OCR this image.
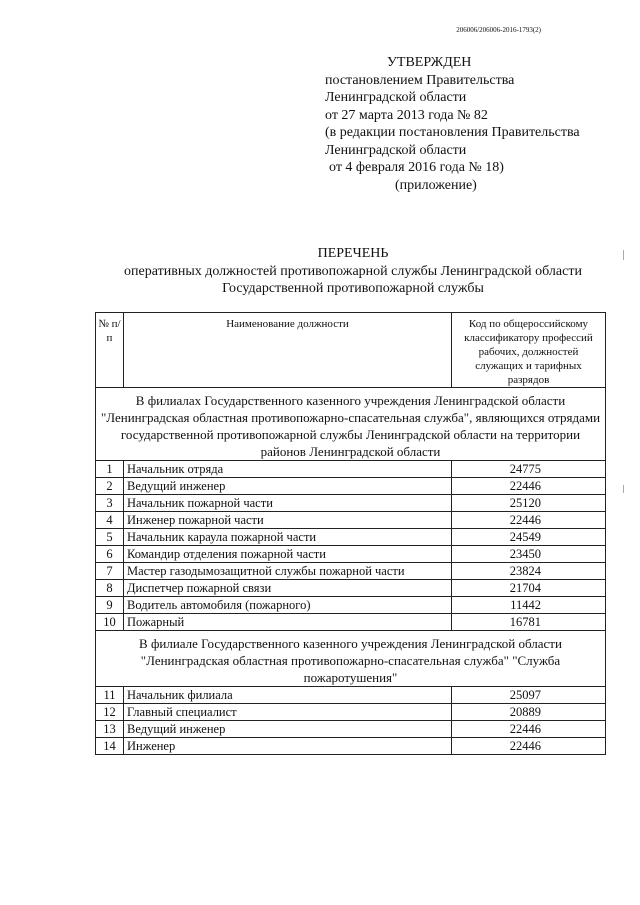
206006/206006-2016-1793(2)
УТВЕРЖДЕН
постановлением Правительства
Ленинградской области
от 27 марта 2013 года № 82
(в редакции постановления Правительства
Ленинградской области
от 4 февраля 2016 года № 18)
(приложение)
ПЕРЕЧЕНЬ
оперативных должностей противопожарной службы Ленинградской области
Государственной противопожарной службы
№ п/п	Наименование должности	Код по общероссийскому классификатору профессий рабочих, должностей служащих и тарифных разрядов
В филиалах Государственного казенного учреждения Ленинградской области "Ленинградская областная противопожарно-спасательная служба", являющихся отрядами государственной противопожарной службы Ленинградской области на территории районов Ленинградской области		
1	Начальник отряда	24775
2	Ведущий инженер	22446
3	Начальник пожарной части	25120
4	Инженер пожарной части	22446
5	Начальник караула пожарной части	24549
6	Командир отделения пожарной части	23450
7	Мастер газодымозащитной службы пожарной части	23824
8	Диспетчер пожарной связи	21704
9	Водитель автомобиля (пожарного)	11442
10	Пожарный	16781
В филиале Государственного казенного учреждения Ленинградской области "Ленинградская областная противопожарно-спасательная служба" "Служба пожаротушения"		
11	Начальник филиала	25097
12	Главный специалист	20889
13	Ведущий инженер	22446
14	Инженер	22446
